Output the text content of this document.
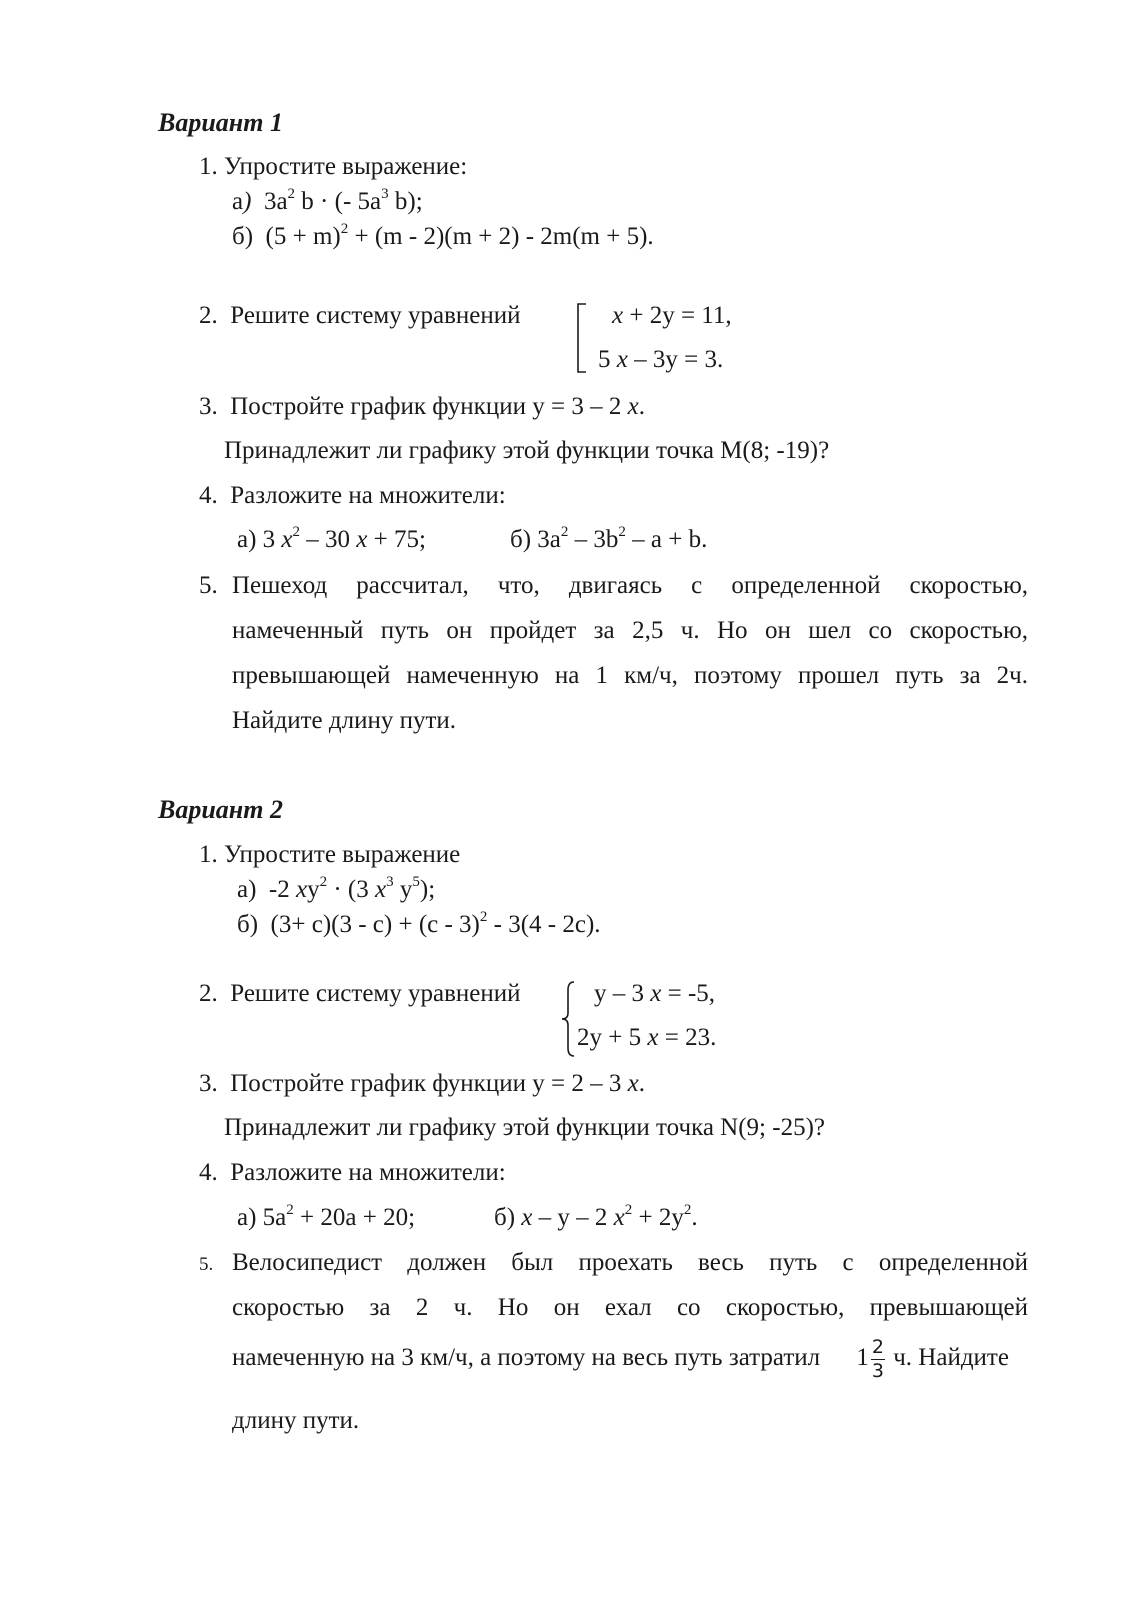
Вариант 1
1. Упростите выражение:
а) $3a^2$ b · (- $5a^3$ b);
б) $(5 + m)^2 + (m - 2)(m + 2) - 2m(m + 5)$.
2. Решите систему уравнений	x + 2y = 11,
5 x – 3y = 3.
3. Постройте график функции y = 3 – 2 x.
Принадлежит ли графику этой функции точка М(8; -19)?
4. Разложите на множители:
а) 3 $x^2 - 30$ x + 75;	б) $3a^2 - 3b^2 - a + b$.
5. Пешеход рассчитал, что, двигаясь с определенной скоростью,
намеченный путь он пройдет за 2,5 ч. Но он шел со скоростью,
превышающей намеченную на 1 км/ч, поэтому прошел путь за 2ч.
Найдите длину пути.
Вариант 2
1. Упростите выражение
а) -2 $xy^2 \cdot (3$ $x^3$ $y^5$);
б) (3+ c)(3 - c) + (c - 3)$^2$ - 3(4 - 2c).
2. Решите систему уравнений	y – 3 x = -5,
2y + 5 x = 23.
3. Постройте график функции y = 2 – 3 x.
Принадлежит ли графику этой функции точка N(9; -25)?
4. Разложите на множители:
а) $5a^2 + 20a + 20$;	б) x – y – 2 $x^2 + 2y^2$.
5. Велосипедист должен был проехать весь путь с определенной
скоростью за 2 ч. Но он ехал со скоростью, превышающей
намеченную на 3 км/ч, а поэтому на весь путь затратил $1 \frac{2}{3} ч$. Найдите
длину пути.
